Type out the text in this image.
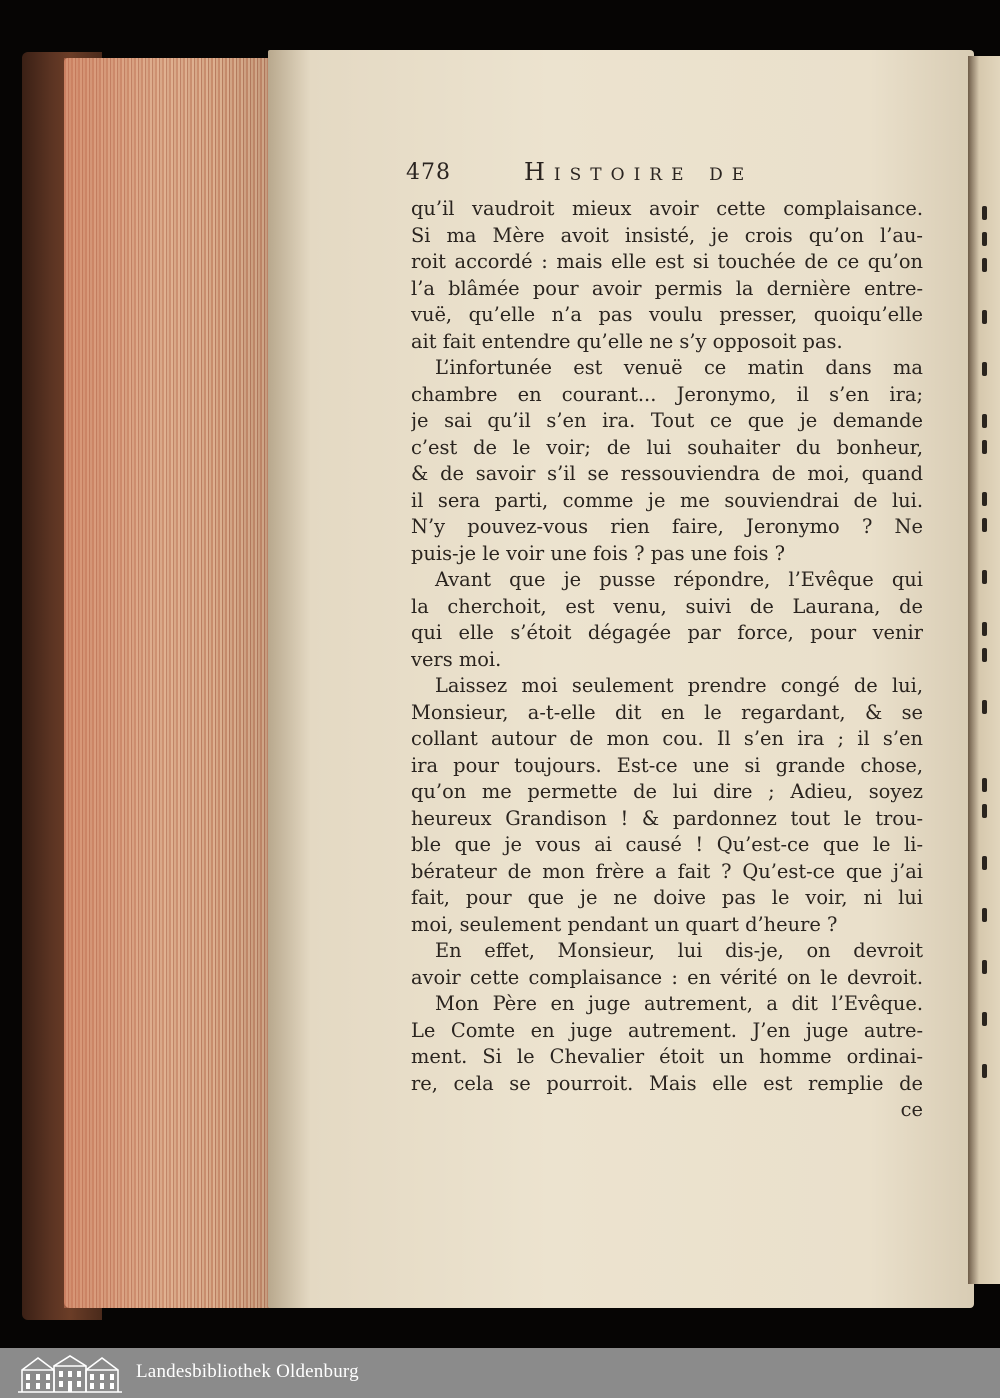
478	Histoire de
qu’il vaudroit mieux avoir cette complaisance.
Si ma Mère avoit insisté, je crois qu’on l’au-
roit accordé : mais elle est si touchée de ce qu’on
l’a blâmée pour avoir permis la dernière entre-
vuë, qu’elle n’a pas voulu presser, quoiqu’elle
ait fait entendre qu’elle ne s’y opposoit pas.
L’infortunée est venuë ce matin dans ma
chambre en courant... Jeronymo, il s’en ira;
je sai qu’il s’en ira. Tout ce que je demande
c’est de le voir; de lui souhaiter du bonheur,
& de savoir s’il se ressouviendra de moi, quand
il sera parti, comme je me souviendrai de lui.
N’y pouvez-vous rien faire, Jeronymo ? Ne
puis-je le voir une fois ? pas une fois ?
Avant que je pusse répondre, l’Evêque qui
la cherchoit, est venu, suivi de Laurana, de
qui elle s’étoit dégagée par force, pour venir
vers moi.
Laissez moi seulement prendre congé de lui,
Monsieur, a-t-elle dit en le regardant, & se
collant autour de mon cou. Il s’en ira ; il s’en
ira pour toujours. Est-ce une si grande chose,
qu’on me permette de lui dire ; Adieu, soyez
heureux Grandison ! & pardonnez tout le trou-
ble que je vous ai causé ! Qu’est-ce que le li-
bérateur de mon frère a fait ? Qu’est-ce que j’ai
fait, pour que je ne doive pas le voir, ni lui
moi, seulement pendant un quart d’heure ?
En effet, Monsieur, lui dis-je, on devroit
avoir cette complaisance : en vérité on le devroit.
Mon Père en juge autrement, a dit l’Evêque.
Le Comte en juge autrement. J’en juge autre-
ment. Si le Chevalier étoit un homme ordinai-
re, cela se pourroit. Mais elle est remplie de
ce
Landesbibliothek Oldenburg
